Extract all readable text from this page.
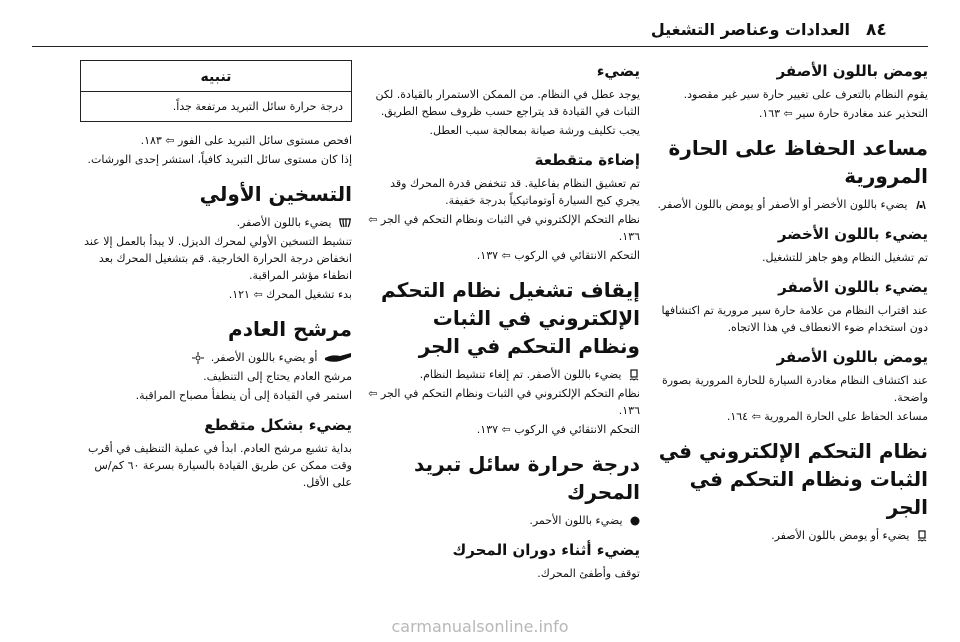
العدادات وعناصر التشغيل ٨٤
يومض باللون الأصفر
يقوم النظام بالتعرف على تغيير حارة سير غير مقصود.
التحذير عند مغادرة حارة سير ⇦ ١٦٣.
مساعد الحفاظ على الحارة المرورية
يضيء باللون الأخضر أو الأصفر أو يومض باللون الأصفر.
يضيء باللون الأخضر
تم تشغيل النظام وهو جاهز للتشغيل.
يضيء باللون الأصفر
عند اقتراب النظام من علامة حارة سير مرورية تم اكتشافها دون استخدام ضوء الانعطاف في هذا الاتجاه.
يومض باللون الأصفر
عند اكتشاف النظام مغادرة السيارة للحارة المرورية بصورة واضحة.
مساعد الحفاظ على الحارة المرورية ⇦ ١٦٤.
نظام التحكم الإلكتروني في الثبات ونظام التحكم في الجر
يضيء أو يومض باللون الأصفر.
يضيء
يوجد عطل في النظام. من الممكن الاستمرار بالقيادة. لكن الثبات في القيادة قد يتراجع حسب ظروف سطح الطريق.
يجب تكليف ورشة صيانة بمعالجة سبب العطل.
إضاءة متقطعة
تم تعشيق النظام بفاعلية. قد تنخفض قدرة المحرك وقد يجري كبح السيارة أوتوماتيكياً بدرجة خفيفة.
نظام التحكم الإلكتروني في الثبات ونظام التحكم في الجر ⇦ ١٣٦.
التحكم الانتقائي في الركوب ⇦ ١٣٧.
إيقاف تشغيل نظام التحكم الإلكتروني في الثبات ونظام التحكم في الجر
يضيء باللون الأصفر. تم إلغاء تنشيط النظام.
نظام التحكم الإلكتروني في الثبات ونظام التحكم في الجر ⇦ ١٣٦.
التحكم الانتقائي في الركوب ⇦ ١٣٧.
درجة حرارة سائل تبريد المحرك
يضيء باللون الأحمر.
يضيء أثناء دوران المحرك
توقف وأطفئ المحرك.
تنبيه
درجة حرارة سائل التبريد مرتفعة جداً.
افحص مستوى سائل التبريد على الفور ⇦ ١٨٣.
إذا كان مستوى سائل التبريد كافياً، استشر إحدى الورشات.
التسخين الأولي
يضيء باللون الأصفر.
تنشيط التسخين الأولي لمحرك الديزل. لا يبدأ بالعمل إلا عند انخفاض درجة الحرارة الخارجية. قم بتشغيل المحرك بعد انطفاء مؤشر المراقبة.
بدء تشغيل المحرك ⇦ ١٢١.
مرشح العادم
أو يضيء باللون الأصفر.
مرشح العادم يحتاج إلى التنظيف.
استمر في القيادة إلى أن ينطفأ مصباح المراقبة.
يضيء بشكل متقطع
بداية تشبع مرشح العادم. ابدأ في عملية التنظيف في أقرب وقت ممكن عن طريق القيادة بالسيارة بسرعة ٦٠ كم/س على الأقل.
carmanualsonline.info
